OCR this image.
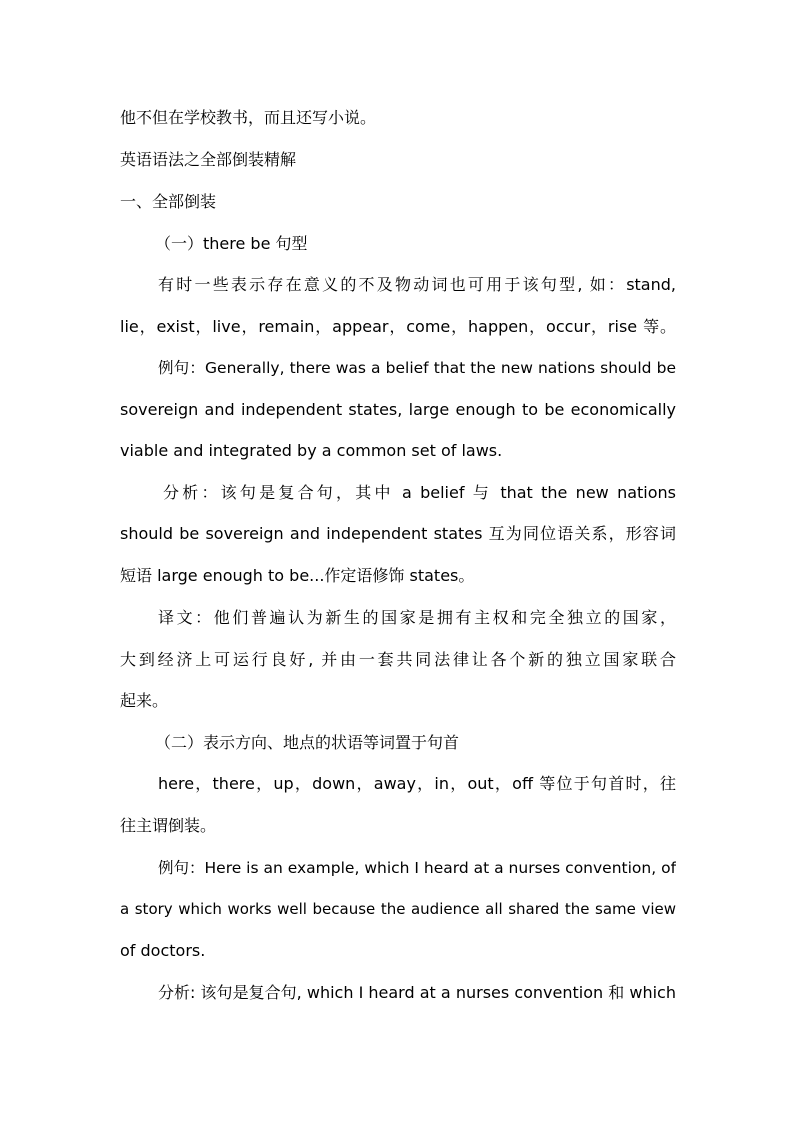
他不但在学校教书，而且还写小说。
英语语法之全部倒装精解
一、全部倒装
（一）there be 句型
有时一些表示存在意义的不及物动词也可用于该句型, 如：stand,
lie，exist，live，remain，appear，come，happen，occur，rise 等。
例句：Generally, there was a belief that the new nations should be
sovereign and independent states, large enough to be economically
viable and integrated by a common set of laws.
分析：该句是复合句，其中 a belief 与 that the new nations
should be sovereign and independent states 互为同位语关系，形容词
短语 large enough to be...作定语修饰 states。
译文：他们普遍认为新生的国家是拥有主权和完全独立的国家，
大到经济上可运行良好, 并由一套共同法律让各个新的独立国家联合
起来。
（二）表示方向、地点的状语等词置于句首
here，there，up，down，away，in，out，off 等位于句首时，往
往主谓倒装。
例句：Here is an example, which I heard at a nurses convention, of
a story which works well because the audience all shared the same view
of doctors.
分析: 该句是复合句, which I heard at a nurses convention 和 which
